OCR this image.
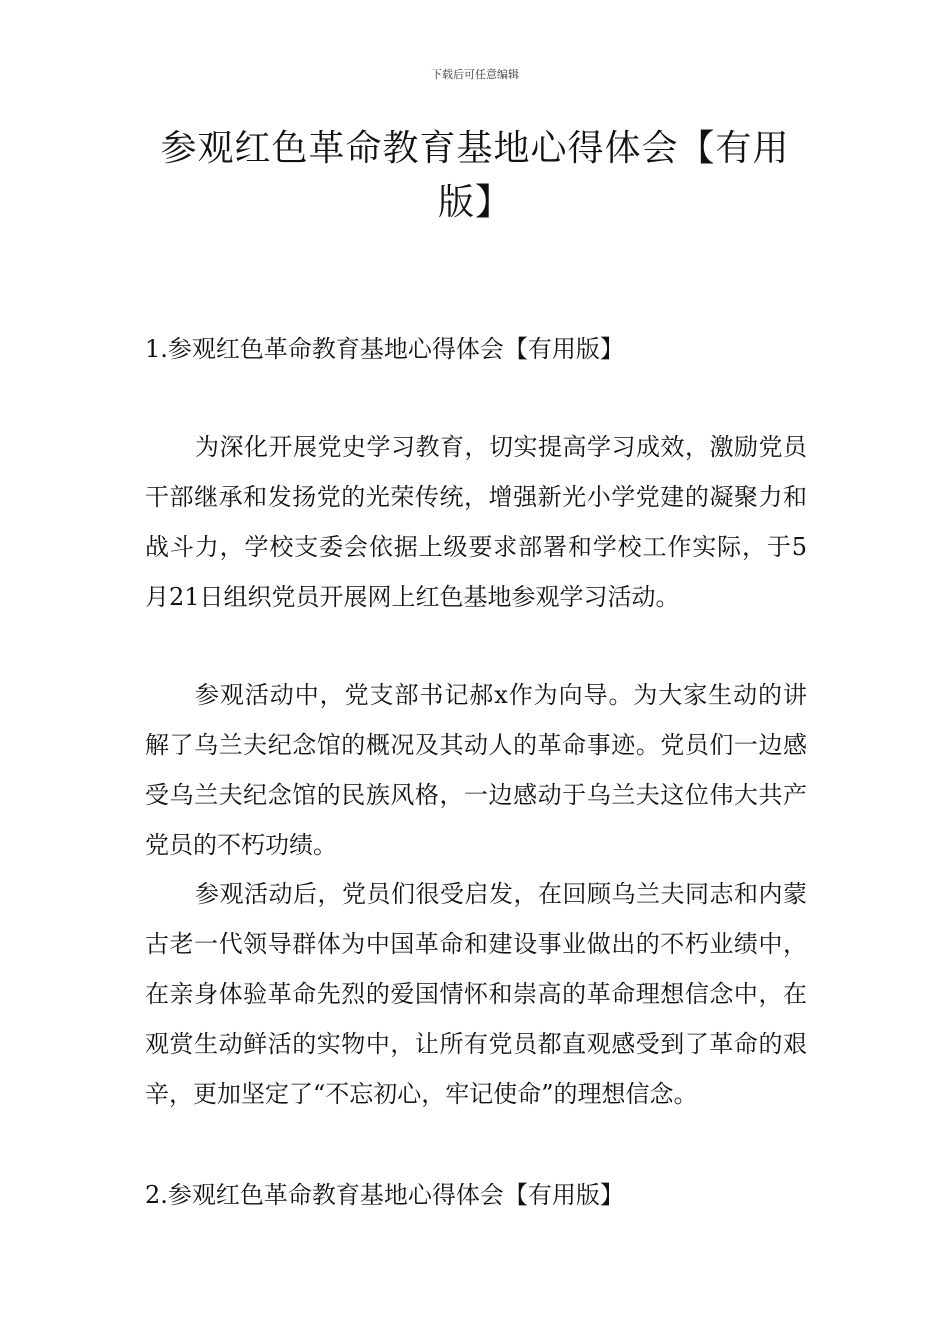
下载后可任意编辑
参观红色革命教育基地心得体会【有用版】
1.参观红色革命教育基地心得体会【有用版】

为深化开展党史学习教育，切实提高学习成效，激励党员干部继承和发扬党的光荣传统，增强新光小学党建的凝聚力和战斗力，学校支委会依据上级要求部署和学校工作实际，于5月21日组织党员开展网上红色基地参观学习活动。

参观活动中，党支部书记郝x作为向导。为大家生动的讲解了乌兰夫纪念馆的概况及其动人的革命事迹。党员们一边感受乌兰夫纪念馆的民族风格，一边感动于乌兰夫这位伟大共产党员的不朽功绩。

参观活动后，党员们很受启发，在回顾乌兰夫同志和内蒙古老一代领导群体为中国革命和建设事业做出的不朽业绩中，在亲身体验革命先烈的爱国情怀和崇高的革命理想信念中，在观赏生动鲜活的实物中，让所有党员都直观感受到了革命的艰辛，更加坚定了“不忘初心，牢记使命”的理想信念。

2.参观红色革命教育基地心得体会【有用版】
